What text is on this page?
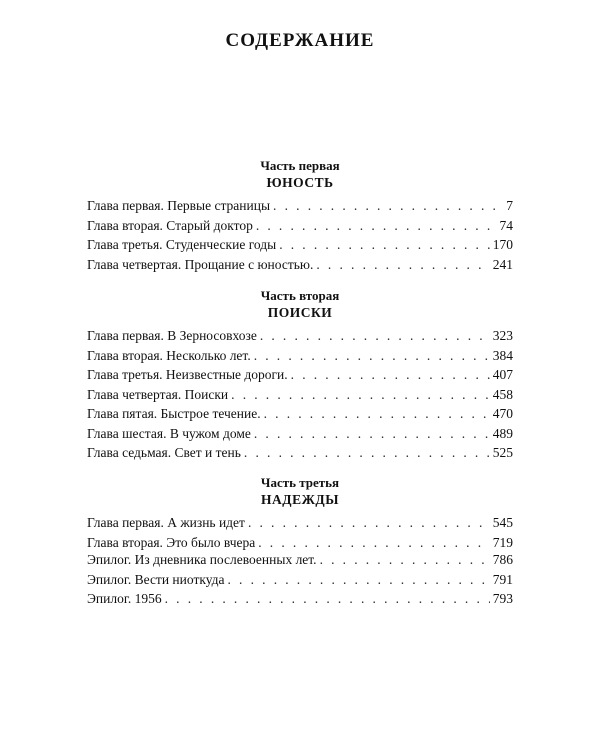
СОДЕРЖАНИЕ
Часть первая
ЮНОСТЬ
Глава первая. Первые страницы . . .	7
Глава вторая. Старый доктор . . .	74
Глава третья. Студенческие годы . . .	170
Глава четвертая. Прощание с юностью. . . .	241
Часть вторая
ПОИСКИ
Глава первая. В Зерносовхозе . . .	323
Глава вторая. Несколько лет. . . .	384
Глава третья. Неизвестные дороги. . . .	407
Глава четвертая. Поиски . . .	458
Глава пятая. Быстрое течение. . . .	470
Глава шестая. В чужом доме . . .	489
Глава седьмая. Свет и тень . . .	525
Часть третья
НАДЕЖДЫ
Глава первая. А жизнь идет . . .	545
Глава вторая. Это было вчера . . .	719
Эпилог. Из дневника послевоенных лет. . . .	786
Эпилог. Вести ниоткуда . . .	791
Эпилог. 1956 . . .	793
